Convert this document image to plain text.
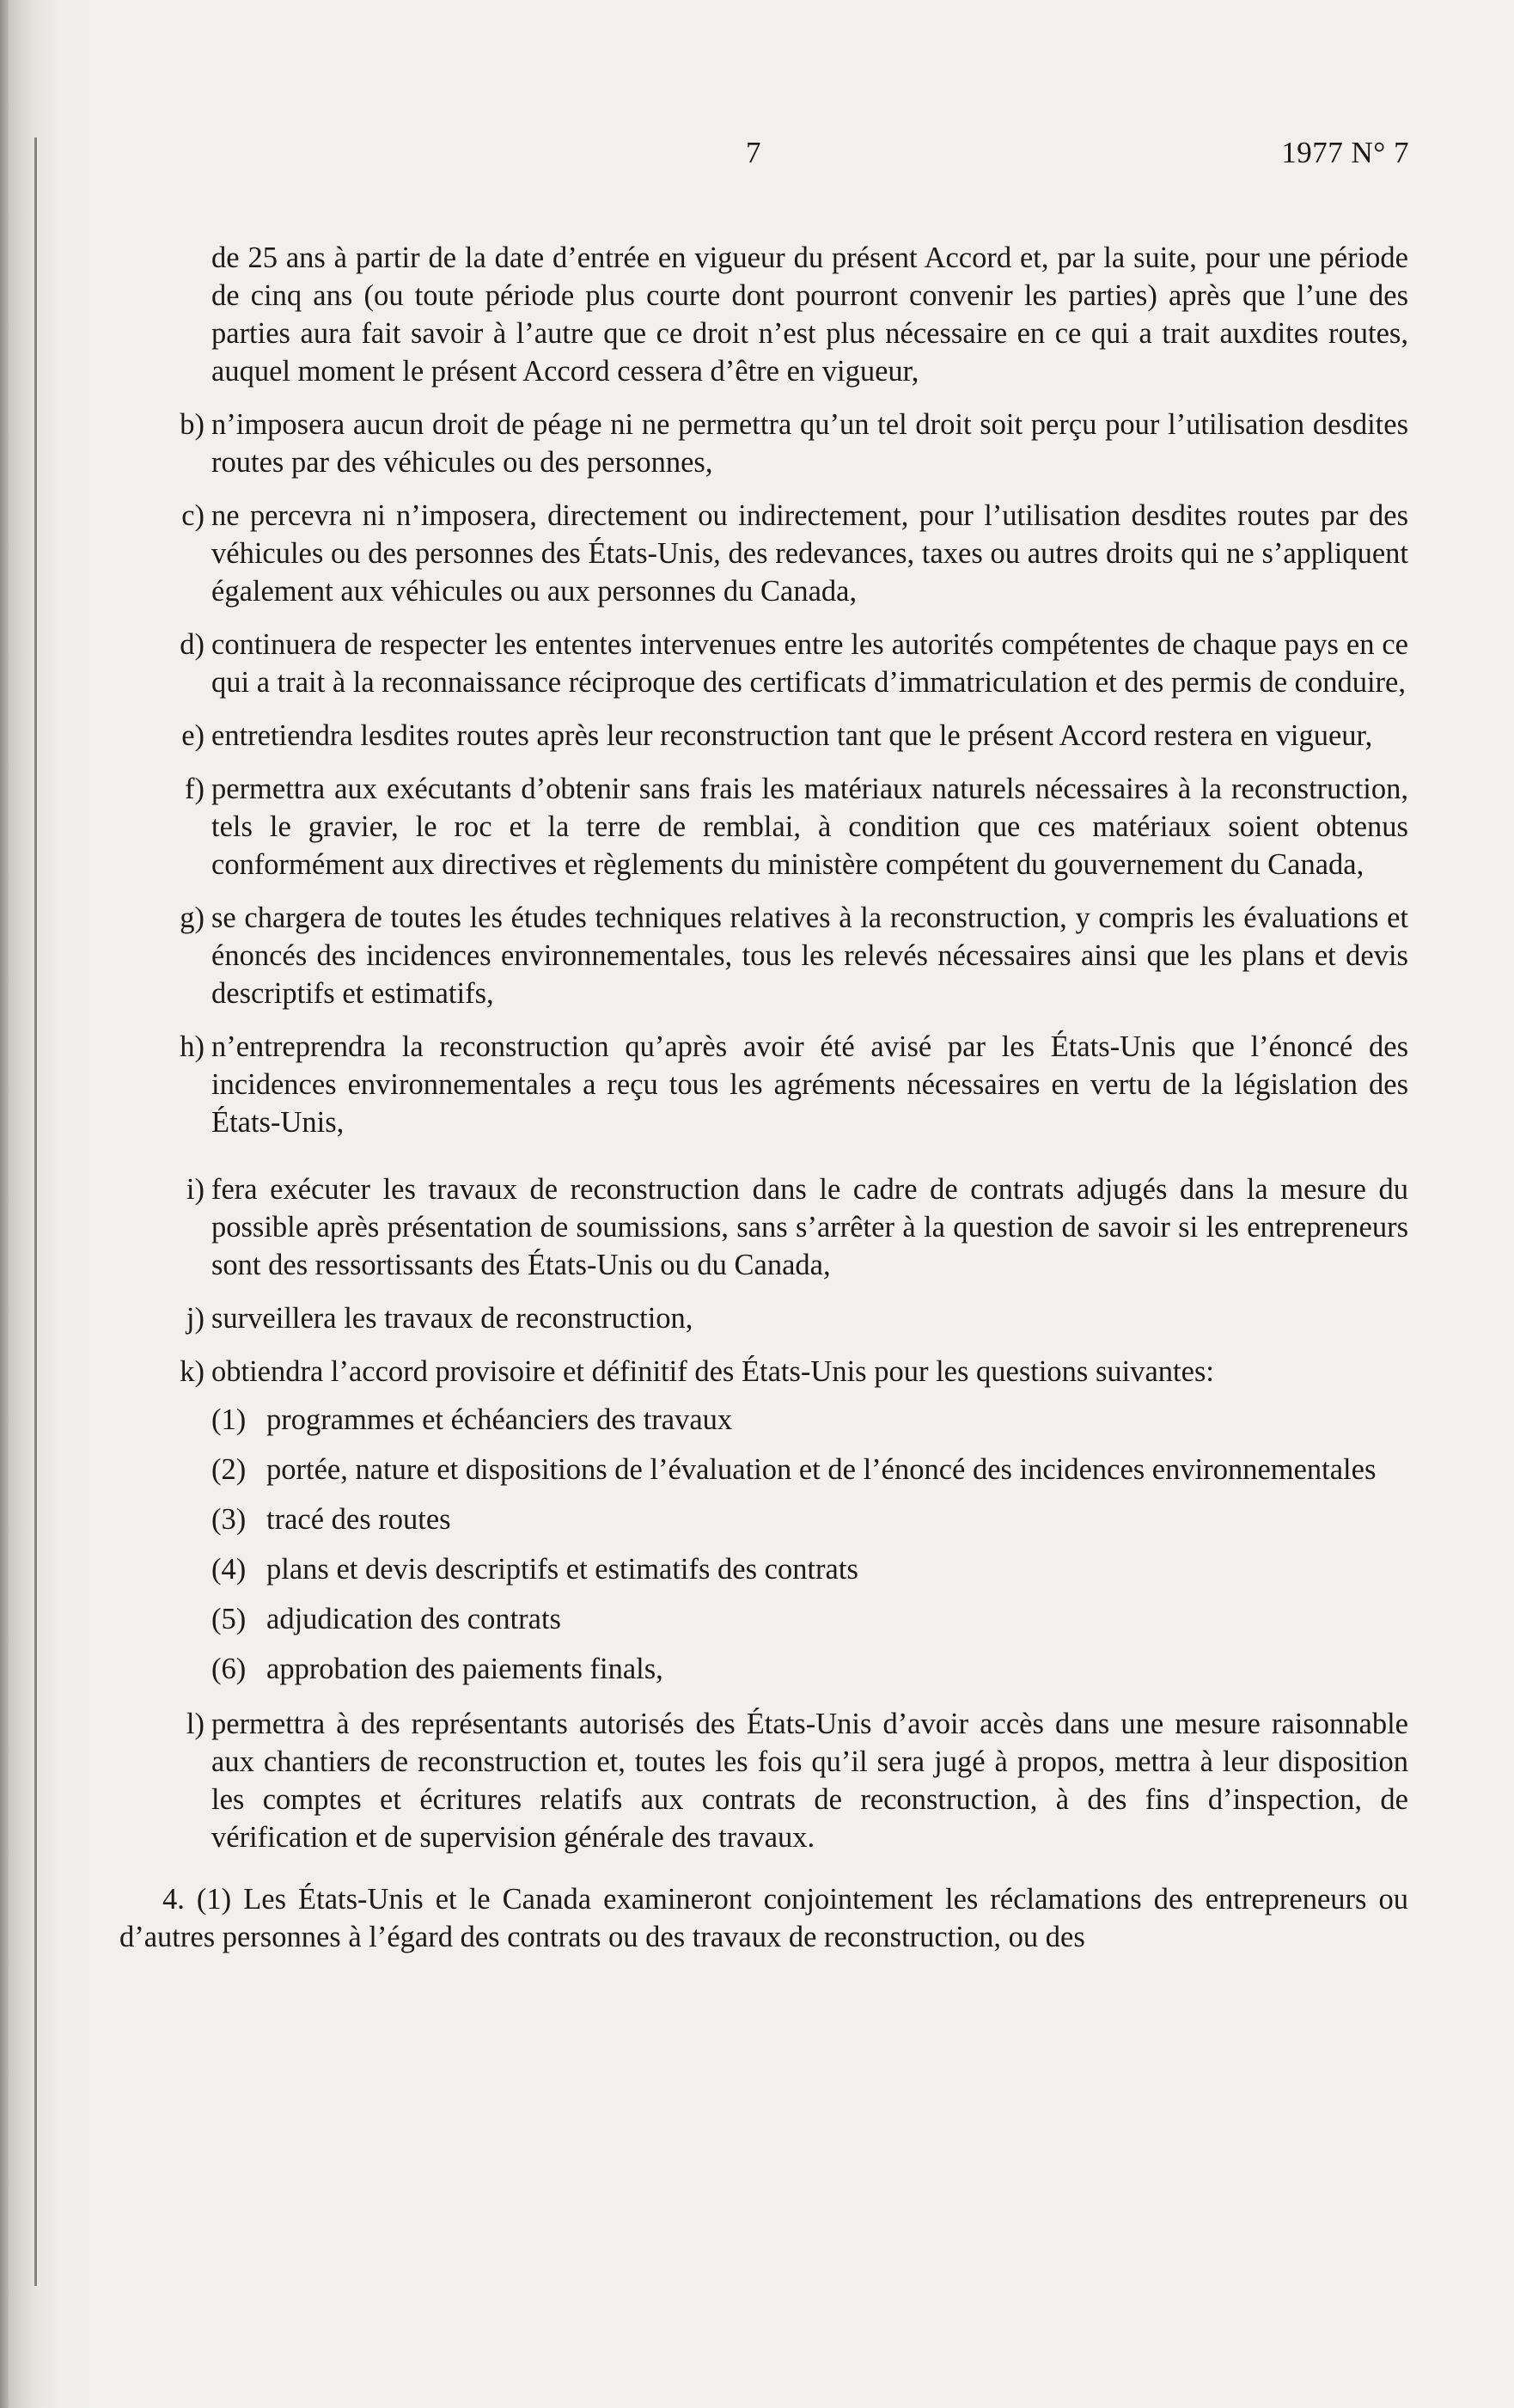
7	1977 N° 7
de 25 ans à partir de la date d’entrée en vigueur du présent Accord et, par la suite, pour une période de cinq ans (ou toute période plus courte dont pourront convenir les parties) après que l’une des parties aura fait savoir à l’autre que ce droit n’est plus nécessaire en ce qui a trait auxdites routes, auquel moment le présent Accord cessera d’être en vigueur,
b) n’imposera aucun droit de péage ni ne permettra qu’un tel droit soit perçu pour l’utilisation desdites routes par des véhicules ou des personnes,
c) ne percevra ni n’imposera, directement ou indirectement, pour l’utilisation desdites routes par des véhicules ou des personnes des États-Unis, des redevances, taxes ou autres droits qui ne s’appliquent également aux véhicules ou aux personnes du Canada,
d) continuera de respecter les ententes intervenues entre les autorités compétentes de chaque pays en ce qui a trait à la reconnaissance réciproque des certificats d’immatriculation et des permis de conduire,
e) entretiendra lesdites routes après leur reconstruction tant que le présent Accord restera en vigueur,
f) permettra aux exécutants d’obtenir sans frais les matériaux naturels nécessaires à la reconstruction, tels le gravier, le roc et la terre de remblai, à condition que ces matériaux soient obtenus conformément aux directives et règlements du ministère compétent du gouvernement du Canada,
g) se chargera de toutes les études techniques relatives à la reconstruction, y compris les évaluations et énoncés des incidences environnementales, tous les relevés nécessaires ainsi que les plans et devis descriptifs et estimatifs,
h) n’entreprendra la reconstruction qu’après avoir été avisé par les États-Unis que l’énoncé des incidences environnementales a reçu tous les agréments nécessaires en vertu de la législation des États-Unis,
i) fera exécuter les travaux de reconstruction dans le cadre de contrats adjugés dans la mesure du possible après présentation de soumissions, sans s’arrêter à la question de savoir si les entrepreneurs sont des ressortissants des États-Unis ou du Canada,
j) surveillera les travaux de reconstruction,
k) obtiendra l’accord provisoire et définitif des États-Unis pour les questions suivantes:
(1) programmes et échéanciers des travaux
(2) portée, nature et dispositions de l’évaluation et de l’énoncé des incidences environnementales
(3) tracé des routes
(4) plans et devis descriptifs et estimatifs des contrats
(5) adjudication des contrats
(6) approbation des paiements finals,
l) permettra à des représentants autorisés des États-Unis d’avoir accès dans une mesure raisonnable aux chantiers de reconstruction et, toutes les fois qu’il sera jugé à propos, mettra à leur disposition les comptes et écritures relatifs aux contrats de reconstruction, à des fins d’inspection, de vérification et de supervision générale des travaux.
4. (1) Les États-Unis et le Canada examineront conjointement les réclamations des entrepreneurs ou d’autres personnes à l’égard des contrats ou des travaux de reconstruction, ou des
